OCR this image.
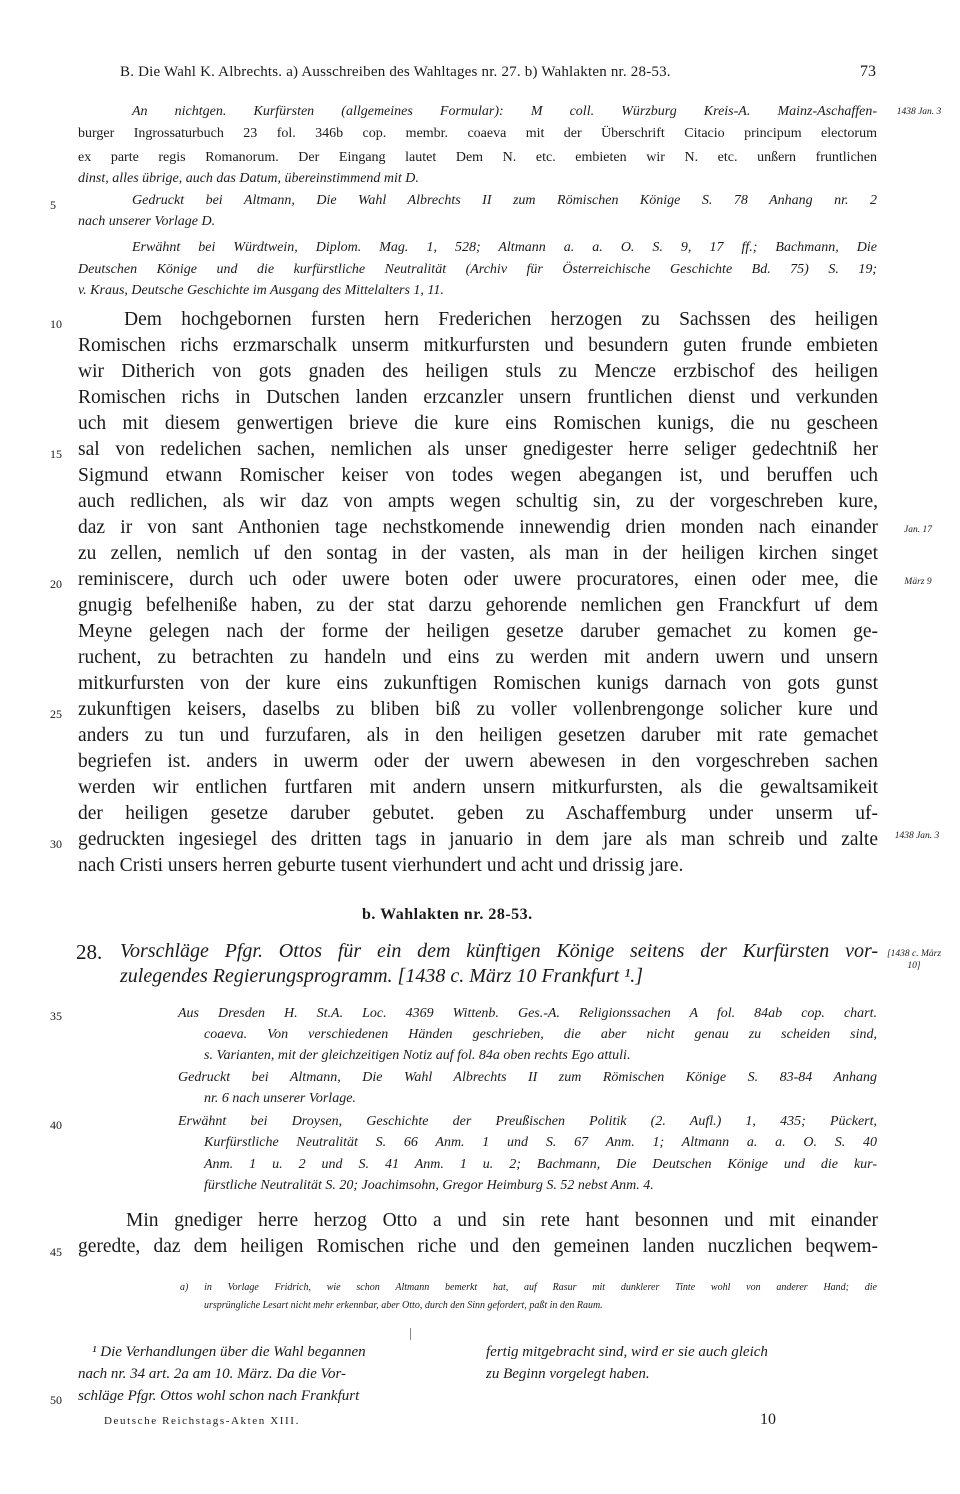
B. Die Wahl K. Albrechts. a) Ausschreiben des Wahltages nr. 27. b) Wahlakten nr. 28-53.	73
An nichtgen. Kurfürsten (allgemeines Formular): M coll. Würzburg Kreis-A. Mainz-Aschaffen-
burger Ingrossaturbuch 23 fol. 346b cop. membr. coaeva mit der Überschrift Citacio principum electorum
ex parte regis Romanorum. Der Eingang lautet Dem N. etc. embieten wir N. etc. unßern fruntlichen
dinst, alles übrige, auch das Datum, übereinstimmend mit D.
Gedruckt bei Altmann, Die Wahl Albrechts II zum Römischen Könige S. 78 Anhang nr. 2
nach unserer Vorlage D.
Erwähnt bei Würdtwein, Diplom. Mag. 1, 528; Altmann a. a. O. S. 9, 17 ff.; Bachmann, Die
Deutschen Könige und die kurfürstliche Neutralität (Archiv für Österreichische Geschichte Bd. 75) S. 19;
v. Kraus, Deutsche Geschichte im Ausgang des Mittelalters 1, 11.
5
10
15
20
25
30
35
40
45
50
1438 Jan. 3
Jan. 17
März 9
1438 Jan. 3
[1438 c. März 10]
Dem hochgebornen fursten hern Frederichen herzogen zu Sachssen des heiligen
Romischen richs erzmarschalk unserm mitkurfursten und besundern guten frunde embieten
wir Ditherich von gots gnaden des heiligen stuls zu Mencze erzbischof des heiligen
Romischen richs in Dutschen landen erzcanzler unsern fruntlichen dienst und verkunden
uch mit diesem genwertigen brieve die kure eins Romischen kunigs, die nu gescheen
sal von redelichen sachen, nemlichen als unser gnedigester herre seliger gedechtniß her
Sigmund etwann Romischer keiser von todes wegen abegangen ist, und beruffen uch
auch redlichen, als wir daz von ampts wegen schultig sin, zu der vorgeschreben kure,
daz ir von sant Anthonien tage nechstkomende innewendig drien monden nach einander
zu zellen, nemlich uf den sontag in der vasten, als man in der heiligen kirchen singet
reminiscere, durch uch oder uwere boten oder uwere procuratores, einen oder mee, die
gnugig befelheniße haben, zu der stat darzu gehorende nemlichen gen Franckfurt uf dem
Meyne gelegen nach der forme der heiligen gesetze daruber gemachet zu komen ge-
ruchent, zu betrachten zu handeln und eins zu werden mit andern uwern und unsern
mitkurfursten von der kure eins zukunftigen Romischen kunigs darnach von gots gunst
zukunftigen keisers, daselbs zu bliben biß zu voller vollenbrengonge solicher kure und
anders zu tun und furzufaren, als in den heiligen gesetzen daruber mit rate gemachet
begriefen ist. anders in uwerm oder der uwern abewesen in den vorgeschreben sachen
werden wir entlichen furtfaren mit andern unsern mitkurfursten, als die gewaltsamikeit
der heiligen gesetze daruber gebutet. geben zu Aschaffemburg under unserm uf-
gedruckten ingesiegel des dritten tags in januario in dem jare als man schreib und zalte
nach Cristi unsers herren geburte tusent vierhundert und acht und drissig jare.
b. Wahlakten nr. 28-53.
28. Vorschläge Pfgr. Ottos für ein dem künftigen Könige seitens der Kurfürsten vor-
zulegendes Regierungsprogramm. [1438 c. März 10 Frankfurt ¹.]
Aus Dresden H. St.A. Loc. 4369 Wittenb. Ges.-A. Religionssachen A fol. 84ab cop. chart.
coaeva. Von verschiedenen Händen geschrieben, die aber nicht genau zu scheiden sind,
s. Varianten, mit der gleichzeitigen Notiz auf fol. 84a oben rechts Ego attuli.
Gedruckt bei Altmann, Die Wahl Albrechts II zum Römischen Könige S. 83-84 Anhang
nr. 6 nach unserer Vorlage.
Erwähnt bei Droysen, Geschichte der Preußischen Politik (2. Aufl.) 1, 435; Pückert,
Kurfürstliche Neutralität S. 66 Anm. 1 und S. 67 Anm. 1; Altmann a. a. O. S. 40
Anm. 1 u. 2 und S. 41 Anm. 1 u. 2; Bachmann, Die Deutschen Könige und die kur-
fürstliche Neutralität S. 20; Joachimsohn, Gregor Heimburg S. 52 nebst Anm. 4.
Min gnediger herre herzog Otto a und sin rete hant besonnen und mit einander
geredte, daz dem heiligen Romischen riche und den gemeinen landen nuczlichen beqwem-
a) in Vorlage Fridrich, wie schon Altmann bemerkt hat, auf Rasur mit dunklerer Tinte wohl von anderer Hand; die
ursprüngliche Lesart nicht mehr erkennbar, aber Otto, durch den Sinn gefordert, paßt in den Raum.
¹ Die Verhandlungen über die Wahl begannen
nach nr. 34 art. 2a am 10. März. Da die Vor-
schläge Pfgr. Ottos wohl schon nach Frankfurt
fertig mitgebracht sind, wird er sie auch gleich
zu Beginn vorgelegt haben.
Deutsche Reichstags-Akten XIII.	10
